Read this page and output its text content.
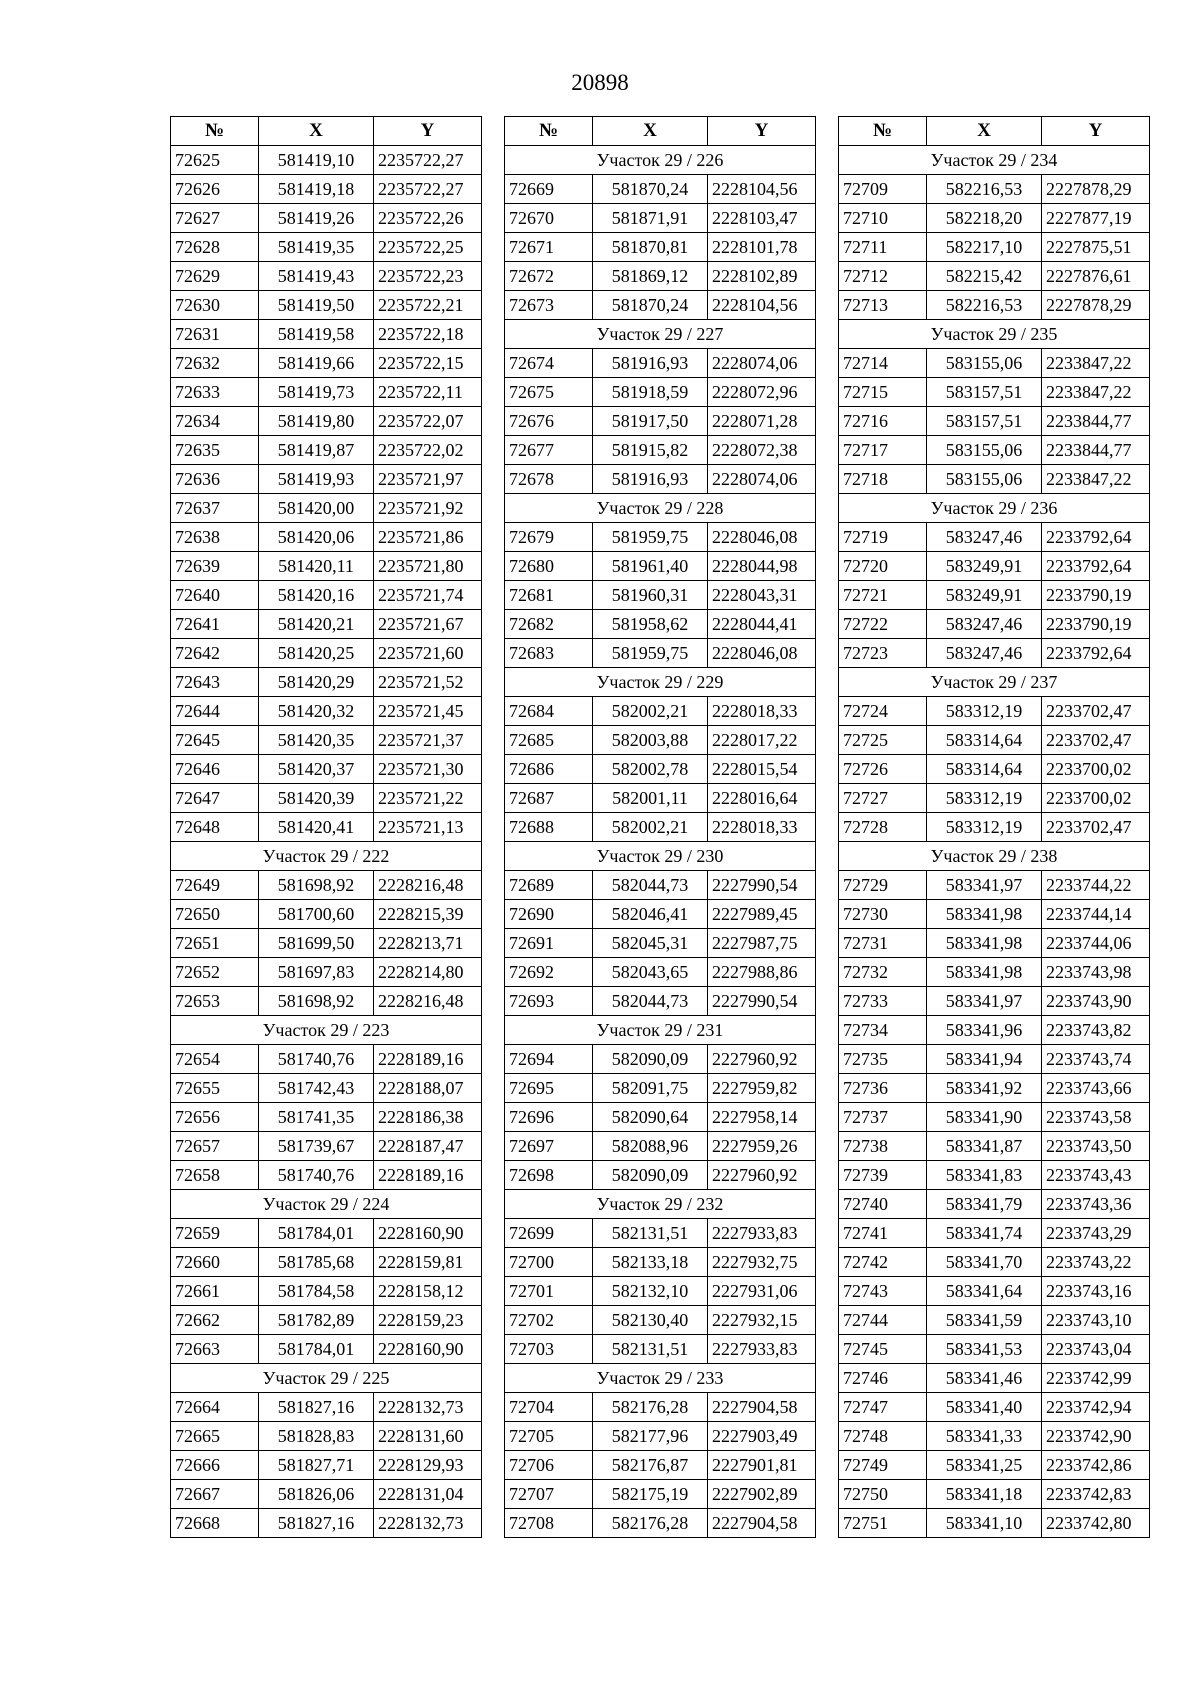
20898
№	X	Y
72625	581419,10	2235722,27
72626	581419,18	2235722,27
72627	581419,26	2235722,26
72628	581419,35	2235722,25
72629	581419,43	2235722,23
72630	581419,50	2235722,21
72631	581419,58	2235722,18
72632	581419,66	2235722,15
72633	581419,73	2235722,11
72634	581419,80	2235722,07
72635	581419,87	2235722,02
72636	581419,93	2235721,97
72637	581420,00	2235721,92
72638	581420,06	2235721,86
72639	581420,11	2235721,80
72640	581420,16	2235721,74
72641	581420,21	2235721,67
72642	581420,25	2235721,60
72643	581420,29	2235721,52
72644	581420,32	2235721,45
72645	581420,35	2235721,37
72646	581420,37	2235721,30
72647	581420,39	2235721,22
72648	581420,41	2235721,13
Участок 29 / 222		
72649	581698,92	2228216,48
72650	581700,60	2228215,39
72651	581699,50	2228213,71
72652	581697,83	2228214,80
72653	581698,92	2228216,48
Участок 29 / 223		
72654	581740,76	2228189,16
72655	581742,43	2228188,07
72656	581741,35	2228186,38
72657	581739,67	2228187,47
72658	581740,76	2228189,16
Участок 29 / 224		
72659	581784,01	2228160,90
72660	581785,68	2228159,81
72661	581784,58	2228158,12
72662	581782,89	2228159,23
72663	581784,01	2228160,90
Участок 29 / 225		
72664	581827,16	2228132,73
72665	581828,83	2228131,60
72666	581827,71	2228129,93
72667	581826,06	2228131,04
72668	581827,16	2228132,73
№	X	Y
Участок 29 / 226		
72669	581870,24	2228104,56
72670	581871,91	2228103,47
72671	581870,81	2228101,78
72672	581869,12	2228102,89
72673	581870,24	2228104,56
Участок 29 / 227		
72674	581916,93	2228074,06
72675	581918,59	2228072,96
72676	581917,50	2228071,28
72677	581915,82	2228072,38
72678	581916,93	2228074,06
Участок 29 / 228		
72679	581959,75	2228046,08
72680	581961,40	2228044,98
72681	581960,31	2228043,31
72682	581958,62	2228044,41
72683	581959,75	2228046,08
Участок 29 / 229		
72684	582002,21	2228018,33
72685	582003,88	2228017,22
72686	582002,78	2228015,54
72687	582001,11	2228016,64
72688	582002,21	2228018,33
Участок 29 / 230		
72689	582044,73	2227990,54
72690	582046,41	2227989,45
72691	582045,31	2227987,75
72692	582043,65	2227988,86
72693	582044,73	2227990,54
Участок 29 / 231		
72694	582090,09	2227960,92
72695	582091,75	2227959,82
72696	582090,64	2227958,14
72697	582088,96	2227959,26
72698	582090,09	2227960,92
Участок 29 / 232		
72699	582131,51	2227933,83
72700	582133,18	2227932,75
72701	582132,10	2227931,06
72702	582130,40	2227932,15
72703	582131,51	2227933,83
Участок 29 / 233		
72704	582176,28	2227904,58
72705	582177,96	2227903,49
72706	582176,87	2227901,81
72707	582175,19	2227902,89
72708	582176,28	2227904,58
№	X	Y
Участок 29 / 234		
72709	582216,53	2227878,29
72710	582218,20	2227877,19
72711	582217,10	2227875,51
72712	582215,42	2227876,61
72713	582216,53	2227878,29
Участок 29 / 235		
72714	583155,06	2233847,22
72715	583157,51	2233847,22
72716	583157,51	2233844,77
72717	583155,06	2233844,77
72718	583155,06	2233847,22
Участок 29 / 236		
72719	583247,46	2233792,64
72720	583249,91	2233792,64
72721	583249,91	2233790,19
72722	583247,46	2233790,19
72723	583247,46	2233792,64
Участок 29 / 237		
72724	583312,19	2233702,47
72725	583314,64	2233702,47
72726	583314,64	2233700,02
72727	583312,19	2233700,02
72728	583312,19	2233702,47
Участок 29 / 238		
72729	583341,97	2233744,22
72730	583341,98	2233744,14
72731	583341,98	2233744,06
72732	583341,98	2233743,98
72733	583341,97	2233743,90
72734	583341,96	2233743,82
72735	583341,94	2233743,74
72736	583341,92	2233743,66
72737	583341,90	2233743,58
72738	583341,87	2233743,50
72739	583341,83	2233743,43
72740	583341,79	2233743,36
72741	583341,74	2233743,29
72742	583341,70	2233743,22
72743	583341,64	2233743,16
72744	583341,59	2233743,10
72745	583341,53	2233743,04
72746	583341,46	2233742,99
72747	583341,40	2233742,94
72748	583341,33	2233742,90
72749	583341,25	2233742,86
72750	583341,18	2233742,83
72751	583341,10	2233742,80
